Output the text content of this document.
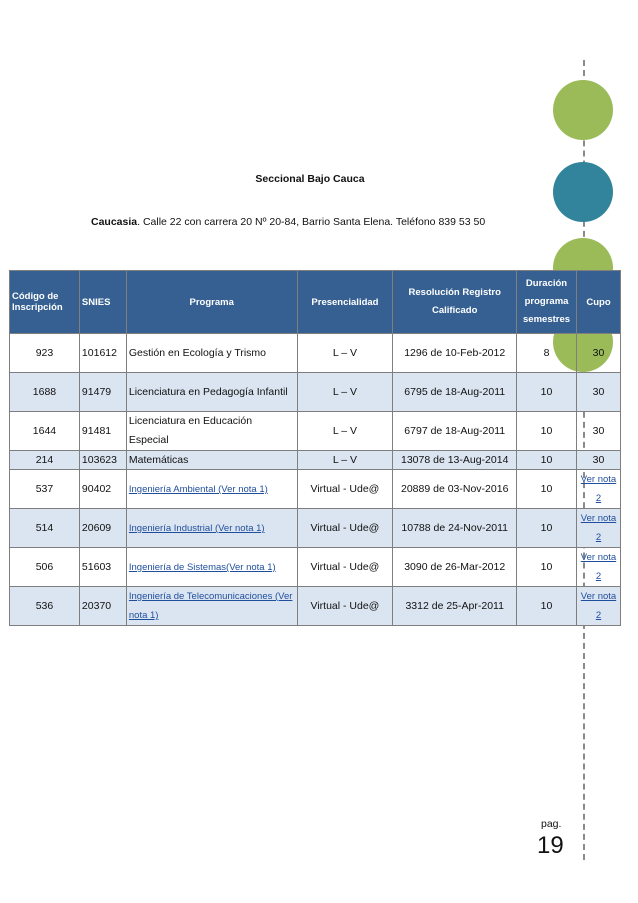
Seccional Bajo Cauca
Caucasia. Calle 22 con carrera 20 Nº 20-84, Barrio Santa Elena. Teléfono 839 53 50
Código de Inscripción	SNIES	Programa	Presencialidad	Resolución Registro Calificado	Duración programa semestres	Cupo
923	101612	Gestión en Ecología y Trismo	L – V	1296 de 10-Feb-2012	8	30
1688	91479	Licenciatura en Pedagogía Infantil	L – V	6795 de 18-Aug-2011	10	30
1644	91481	Licenciatura en Educación Especial	L – V	6797 de 18-Aug-2011	10	30
214	103623	Matemáticas	L – V	13078 de 13-Aug-2014	10	30
537	90402	Ingeniería Ambiental (Ver nota 1)	Virtual - Ude@	20889 de 03-Nov-2016	10	Ver nota 2
514	20609	Ingeniería Industrial (Ver nota 1)	Virtual - Ude@	10788 de 24-Nov-2011	10	Ver nota 2
506	51603	Ingeniería de Sistemas(Ver nota 1)	Virtual - Ude@	3090 de 26-Mar-2012	10	Ver nota 2
536	20370	Ingeniería de Telecomunicaciones (Ver nota 1)	Virtual - Ude@	3312 de 25-Apr-2011	10	Ver nota 2
pag.
19
